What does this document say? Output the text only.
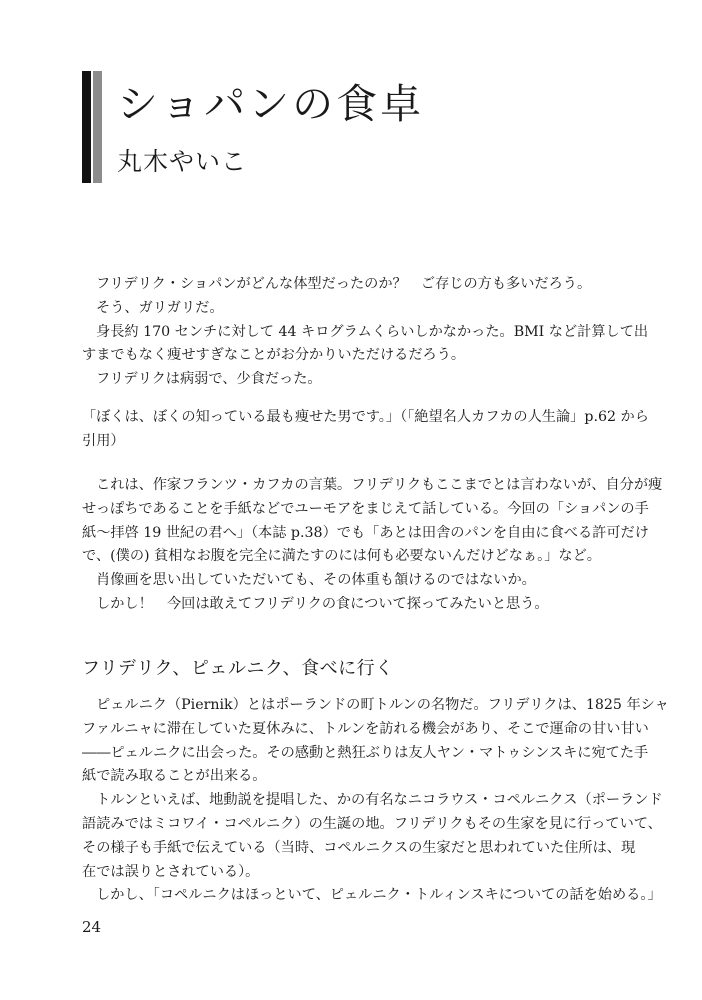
ショパンの食卓
丸木やいこ

フリデリク・ショパンがどんな体型だったのか？　ご存じの方も多いだろう。

そう、ガリガリだ。

身長約 170 センチに対して 44 キログラムくらいしかなかった。BMI など計算して出

すまでもなく痩せすぎなことがお分かりいただけるだろう。

フリデリクは病弱で、少食だった。

「ぼくは、ぼくの知っている最も痩せた男です。」（「絶望名人カフカの人生論」p.62 から

引用）

これは、作家フランツ・カフカの言葉。フリデリクもここまでとは言わないが、自分が痩

せっぽちであることを手紙などでユーモアをまじえて話している。今回の「ショパンの手

紙〜拝啓 19 世紀の君へ」（本誌 p.38）でも「あとは田舎のパンを自由に食べる許可だけ

で、(僕の) 貧相なお腹を完全に満たすのには何も必要ないんだけどなぁ。」など。

肖像画を思い出していただいても、その体重も頷けるのではないか。

しかし！　今回は敢えてフリデリクの食について探ってみたいと思う。

フリデリク、ピェルニク、食べに行く

ピェルニク（Piernik）とはポーランドの町トルンの名物だ。フリデリクは、1825 年シャ

ファルニャに滞在していた夏休みに、トルンを訪れる機会があり、そこで運命の甘い甘い

――ピェルニクに出会った。その感動と熱狂ぶりは友人ヤン・マトゥシンスキに宛てた手

紙で読み取ることが出来る。

トルンといえば、地動説を提唱した、かの有名なニコラウス・コペルニクス（ポーランド

語読みではミコワイ・コペルニク）の生誕の地。フリデリクもその生家を見に行っていて、

その様子も手紙で伝えている（当時、コペルニクスの生家だと思われていた住所は、現

在では誤りとされている）。

しかし、「コペルニクはほっといて、ピェルニク・トルィンスキについての話を始める。」

24
